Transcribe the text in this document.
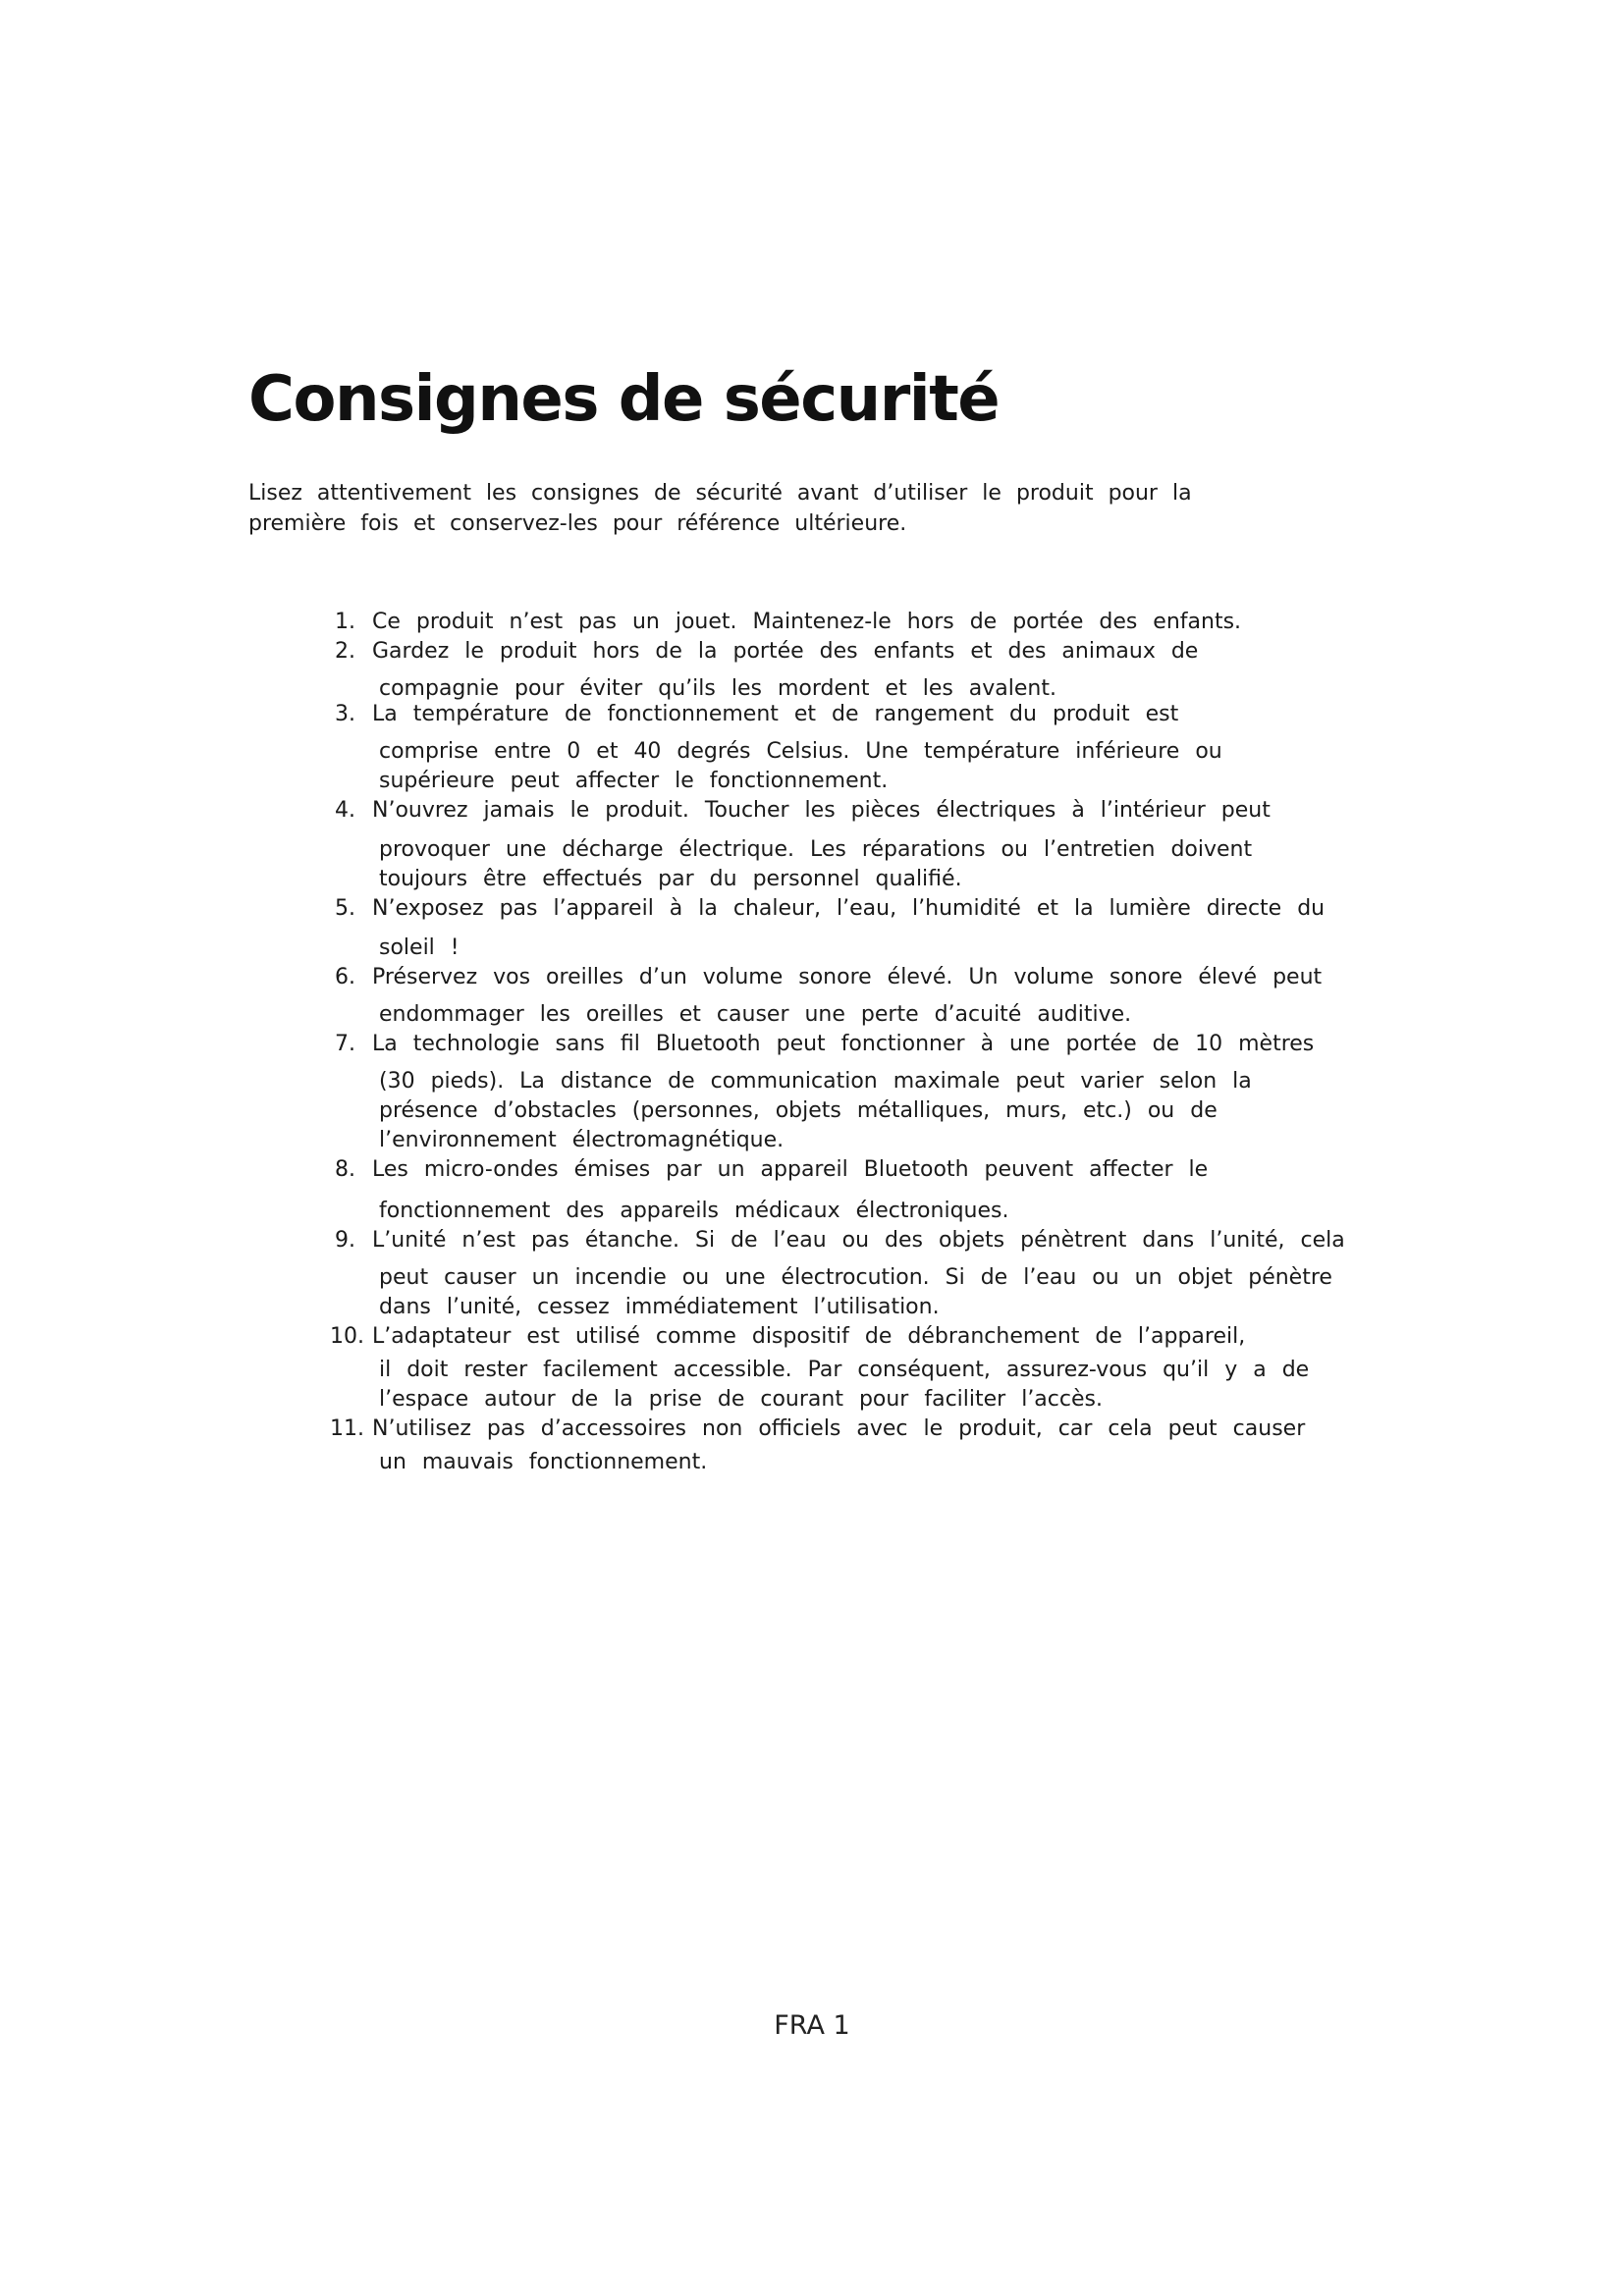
Consignes de sécurité

Lisez attentivement les consignes de sécurité avant d’utiliser le produit pour la
première fois et conservez-les pour référence ultérieure.

1. Ce produit n’est pas un jouet. Maintenez-le hors de portée des enfants.
2. Gardez le produit hors de la portée des enfants et des animaux de
compagnie pour éviter qu’ils les mordent et les avalent.
3. La température de fonctionnement et de rangement du produit est
comprise entre 0 et 40 degrés Celsius. Une température inférieure ou
supérieure peut affecter le fonctionnement.
4. N’ouvrez jamais le produit. Toucher les pièces électriques à l’intérieur peut
provoquer une décharge électrique. Les réparations ou l’entretien doivent
toujours être effectués par du personnel qualifié.
5. N’exposez pas l’appareil à la chaleur, l’eau, l’humidité et la lumière directe du
soleil !
6. Préservez vos oreilles d’un volume sonore élevé. Un volume sonore élevé peut
endommager les oreilles et causer une perte d’acuité auditive.
7. La technologie sans fil Bluetooth peut fonctionner à une portée de 10 mètres
(30 pieds). La distance de communication maximale peut varier selon la
présence d’obstacles (personnes, objets métalliques, murs, etc.) ou de
l’environnement électromagnétique.
8. Les micro-ondes émises par un appareil Bluetooth peuvent affecter le
fonctionnement des appareils médicaux électroniques.
9. L’unité n’est pas étanche. Si de l’eau ou des objets pénètrent dans l’unité, cela
peut causer un incendie ou une électrocution. Si de l’eau ou un objet pénètre
dans l’unité, cessez immédiatement l’utilisation.
10. L’adaptateur est utilisé comme dispositif de débranchement de l’appareil,
il doit rester facilement accessible. Par conséquent, assurez-vous qu’il y a de
l’espace autour de la prise de courant pour faciliter l’accès.
11. N’utilisez pas d’accessoires non officiels avec le produit, car cela peut causer
un mauvais fonctionnement.
FRA 1
